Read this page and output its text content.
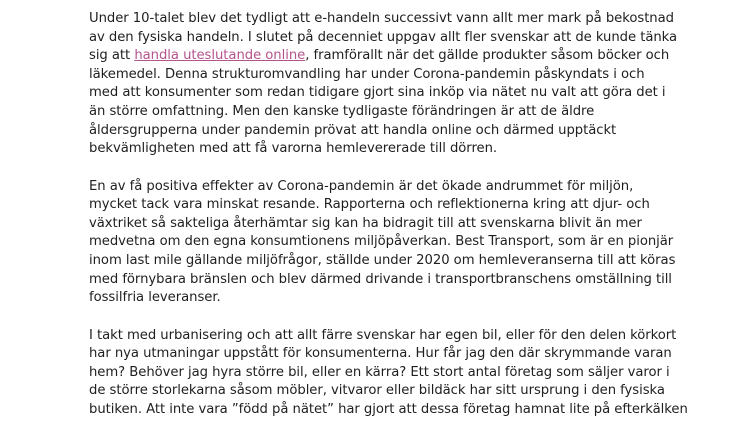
Under 10-talet blev det tydligt att e-handeln successivt vann allt mer mark på bekostnad
av den fysiska handeln. I slutet på decenniet uppgav allt fler svenskar att de kunde tänka
sig att handla uteslutande online, framförallt när det gällde produkter såsom böcker och
läkemedel. Denna strukturomvandling har under Corona-pandemin påskyndats i och
med att konsumenter som redan tidigare gjort sina inköp via nätet nu valt att göra det i
än större omfattning. Men den kanske tydligaste förändringen är att de äldre
åldersgrupperna under pandemin prövat att handla online och därmed upptäckt
bekvämligheten med att få varorna hemlevererade till dörren.

En av få positiva effekter av Corona-pandemin är det ökade andrummet för miljön,
mycket tack vara minskat resande. Rapporterna och reflektionerna kring att djur- och
växtriket så sakteliga återhämtar sig kan ha bidragit till att svenskarna blivit än mer
medvetna om den egna konsumtionens miljöpåverkan. Best Transport, som är en pionjär
inom last mile gällande miljöfrågor, ställde under 2020 om hemleveranserna till att köras
med förnybara bränslen och blev därmed drivande i transportbranschens omställning till
fossilfria leveranser.

I takt med urbanisering och att allt färre svenskar har egen bil, eller för den delen körkort
har nya utmaningar uppstått för konsumenterna. Hur får jag den där skrymmande varan
hem? Behöver jag hyra större bil, eller en kärra? Ett stort antal företag som säljer varor i
de större storlekarna såsom möbler, vitvaror eller bildäck har sitt ursprung i den fysiska
butiken. Att inte vara ”född på nätet” har gjort att dessa företag hamnat lite på efterkälken
